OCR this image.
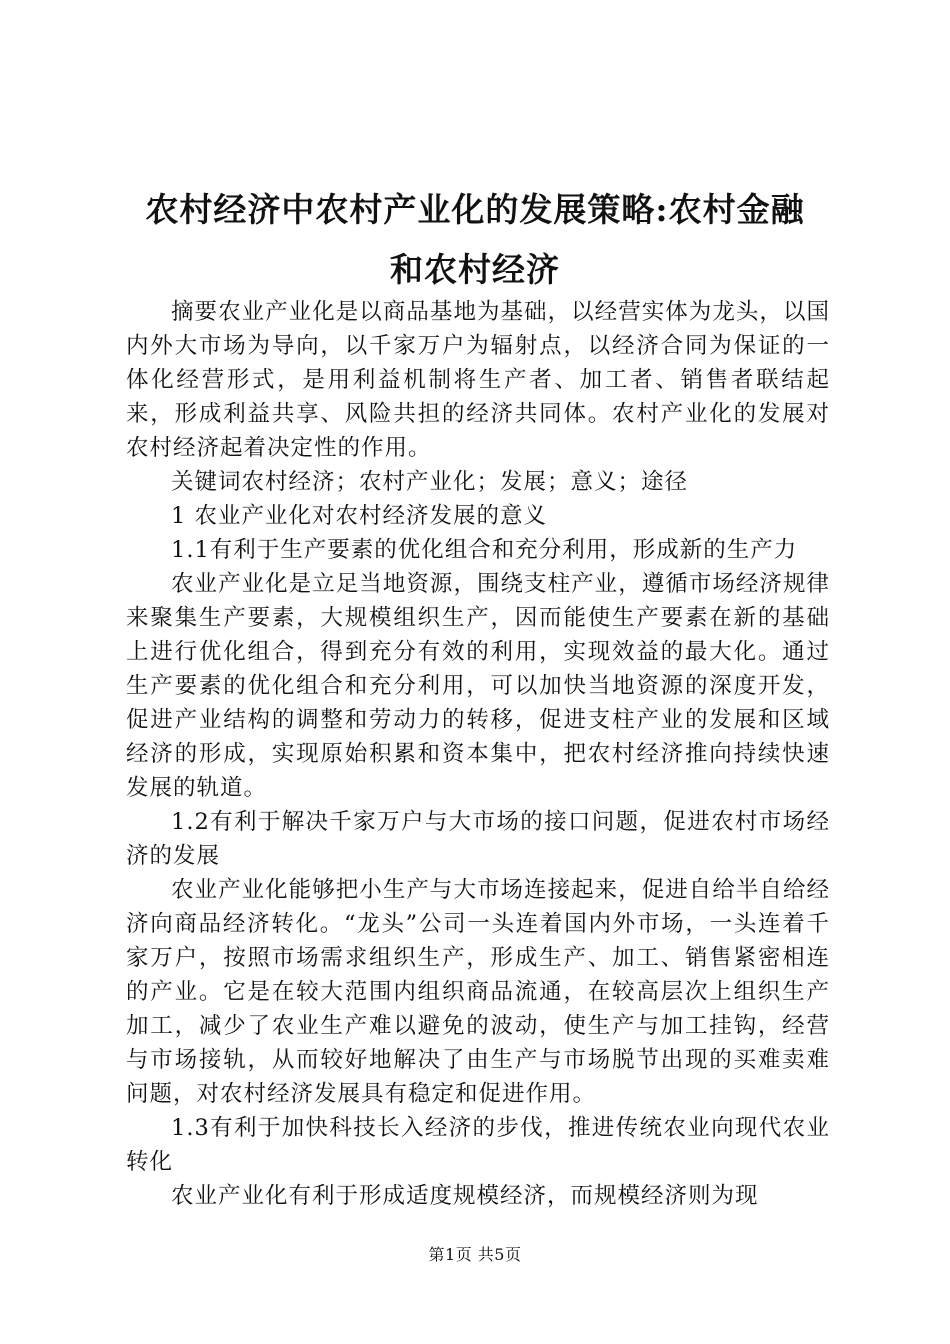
农村经济中农村产业化的发展策略:农村金融
和农村经济

摘要农业产业化是以商品基地为基础，以经营实体为龙头，以国内外大市场为导向，以千家万户为辐射点，以经济合同为保证的一体化经营形式，是用利益机制将生产者、加工者、销售者联结起来，形成利益共享、风险共担的经济共同体。农村产业化的发展对农村经济起着决定性的作用。

关键词农村经济；农村产业化；发展；意义；途径

1 农业产业化对农村经济发展的意义

1.1有利于生产要素的优化组合和充分利用，形成新的生产力

农业产业化是立足当地资源，围绕支柱产业，遵循市场经济规律来聚集生产要素，大规模组织生产，因而能使生产要素在新的基础上进行优化组合，得到充分有效的利用，实现效益的最大化。通过生产要素的优化组合和充分利用，可以加快当地资源的深度开发，促进产业结构的调整和劳动力的转移，促进支柱产业的发展和区域经济的形成，实现原始积累和资本集中，把农村经济推向持续快速发展的轨道。

1.2有利于解决千家万户与大市场的接口问题，促进农村市场经济的发展

农业产业化能够把小生产与大市场连接起来，促进自给半自给经济向商品经济转化。“龙头”公司一头连着国内外市场，一头连着千家万户，按照市场需求组织生产，形成生产、加工、销售紧密相连的产业。它是在较大范围内组织商品流通，在较高层次上组织生产加工，减少了农业生产难以避免的波动，使生产与加工挂钩，经营与市场接轨，从而较好地解决了由生产与市场脱节出现的买难卖难问题，对农村经济发展具有稳定和促进作用。

1.3有利于加快科技长入经济的步伐，推进传统农业向现代农业转化

农业产业化有利于形成适度规模经济，而规模经济则为现

第1页 共5页
